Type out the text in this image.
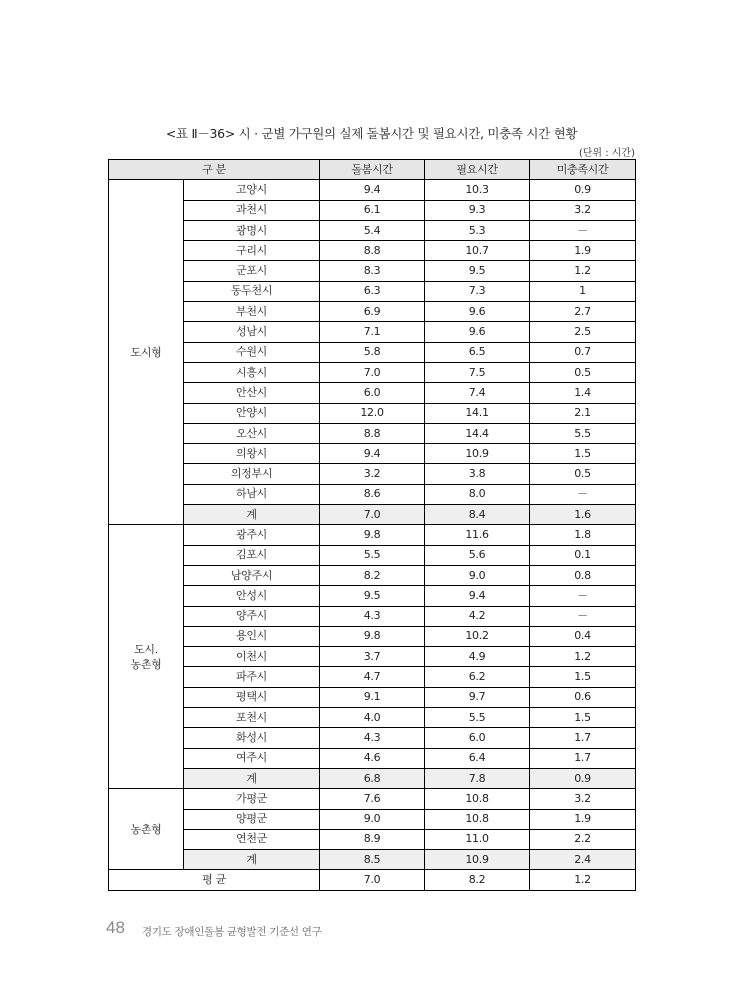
<표 Ⅱ－36> 시 · 군별 가구원의 실제 돌봄시간 및 필요시간, 미충족 시간 현황
(단위 : 시간)
구 분		돌봄시간	필요시간	미충족시간
도시형	고양시	9.4	10.3	0.9
	과천시	6.1	9.3	3.2
	광명시	5.4	5.3	－
	구리시	8.8	10.7	1.9
	군포시	8.3	9.5	1.2
	동두천시	6.3	7.3	1
	부천시	6.9	9.6	2.7
	성남시	7.1	9.6	2.5
	수원시	5.8	6.5	0.7
	시흥시	7.0	7.5	0.5
	안산시	6.0	7.4	1.4
	안양시	12.0	14.1	2.1
	오산시	8.8	14.4	5.5
	의왕시	9.4	10.9	1.5
	의정부시	3.2	3.8	0.5
	하남시	8.6	8.0	－
	계	7.0	8.4	1.6
도시.
농촌형	광주시	9.8	11.6	1.8
	김포시	5.5	5.6	0.1
	남양주시	8.2	9.0	0.8
	안성시	9.5	9.4	－
	양주시	4.3	4.2	－
	용인시	9.8	10.2	0.4
	이천시	3.7	4.9	1.2
	파주시	4.7	6.2	1.5
	평택시	9.1	9.7	0.6
	포천시	4.0	5.5	1.5
	화성시	4.3	6.0	1.7
	여주시	4.6	6.4	1.7
	계	6.8	7.8	0.9
농촌형	가평군	7.6	10.8	3.2
	양평군	9.0	10.8	1.9
	연천군	8.9	11.0	2.2
	계	8.5	10.9	2.4
평 균		7.0	8.2	1.2
48 경기도 장애인돌봄 균형발전 기준선 연구
